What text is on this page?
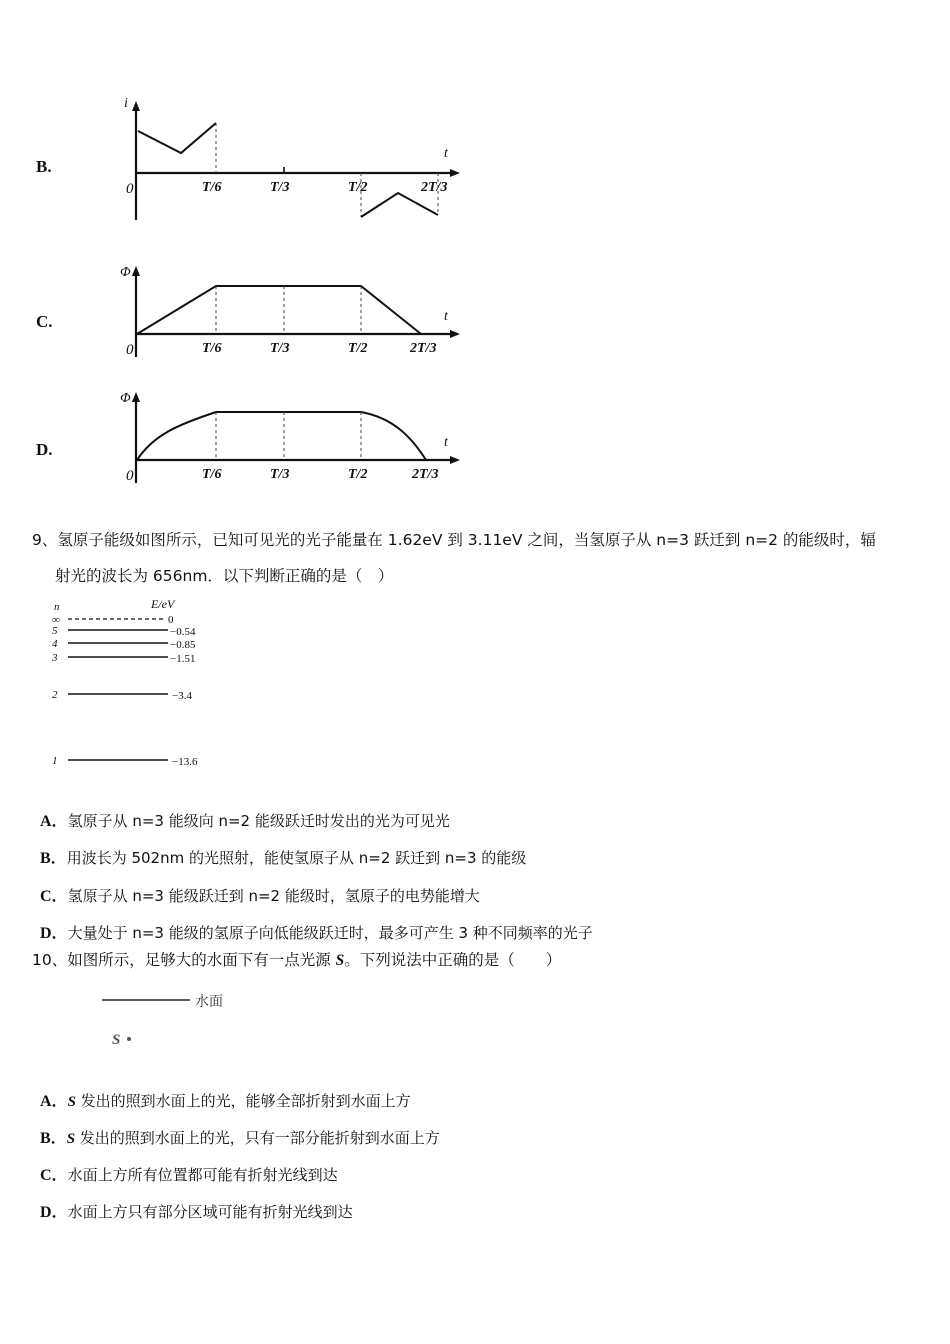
B.
i
t
0	T/6	T/3	T/2	2T/3
C.
Φ
t
0	T/6	T/3	T/2	2T/3
D.
Φ
t
0	T/6	T/3	T/2	2T/3
9、氢原子能级如图所示，已知可见光的光子能量在 1.62eV 到 3.11eV 之间，当氢原子从 n=3 跃迁到 n=2 的能级时，辐
射光的波长为 656nm．以下判断正确的是（　）
n	E/eV
∞	0
5	−0.54
4	−0.85
3	−1.51
2	−3.4
1	−13.6
A．氢原子从 n=3 能级向 n=2 能级跃迁时发出的光为可见光
B．用波长为 502nm 的光照射，能使氢原子从 n=2 跃迁到 n=3 的能级
C．氢原子从 n=3 能级跃迁到 n=2 能级时，氢原子的电势能增大
D．大量处于 n=3 能级的氢原子向低能级跃迁时，最多可产生 3 种不同频率的光子
10、如图所示，足够大的水面下有一点光源 S。下列说法中正确的是（　　）
水面
S
A．S 发出的照到水面上的光，能够全部折射到水面上方
B．S 发出的照到水面上的光，只有一部分能折射到水面上方
C．水面上方所有位置都可能有折射光线到达
D．水面上方只有部分区域可能有折射光线到达
